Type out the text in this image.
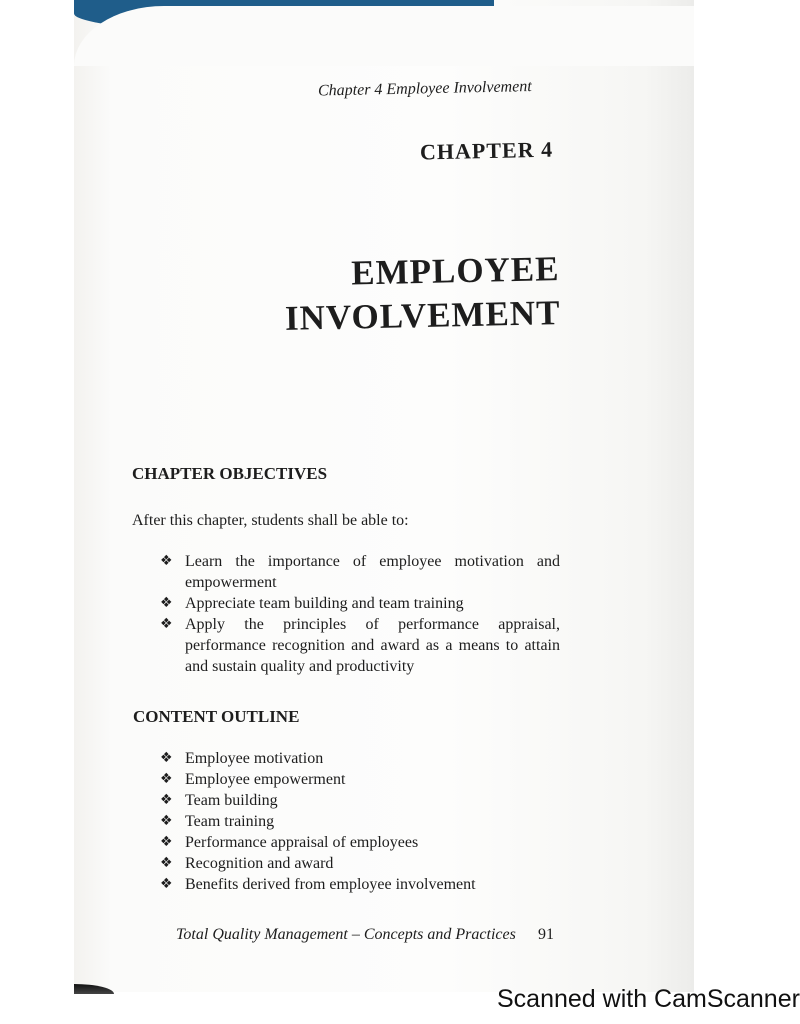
Chapter 4 Employee Involvement
CHAPTER 4
EMPLOYEE
INVOLVEMENT
CHAPTER OBJECTIVES
After this chapter, students shall be able to:
❖ Learn the importance of employee motivation and empowerment
❖ Appreciate team building and team training
❖ Apply the principles of performance appraisal, performance recognition and award as a means to attain and sustain quality and productivity
CONTENT OUTLINE
❖ Employee motivation
❖ Employee empowerment
❖ Team building
❖ Team training
❖ Performance appraisal of employees
❖ Recognition and award
❖ Benefits derived from employee involvement
Total Quality Management – Concepts and Practices 91
Scanned with CamScanner
